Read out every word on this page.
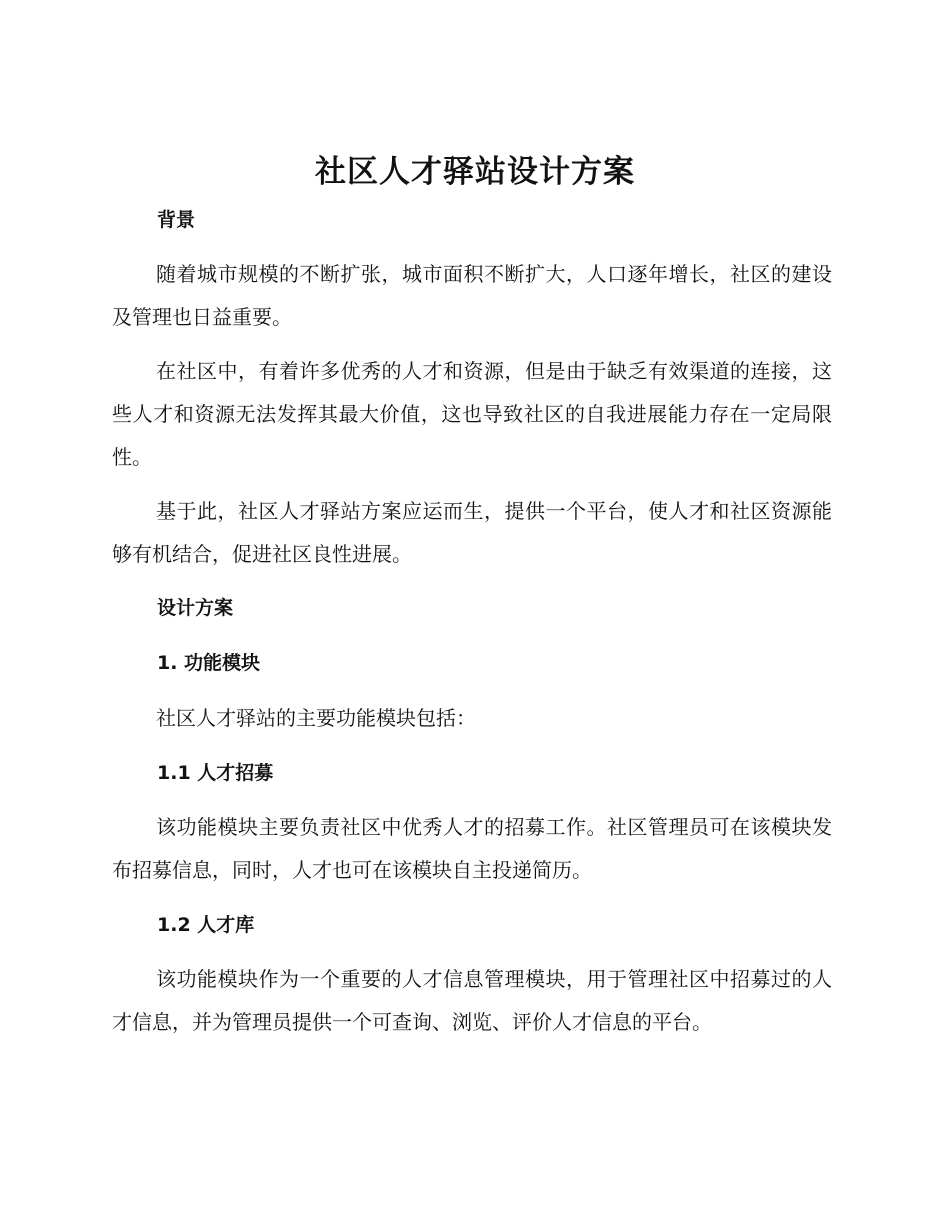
社区人才驿站设计方案
背景

随着城市规模的不断扩张，城市面积不断扩大，人口逐年增长，社区的建设及管理也日益重要。

在社区中，有着许多优秀的人才和资源，但是由于缺乏有效渠道的连接，这些人才和资源无法发挥其最大价值，这也导致社区的自我进展能力存在一定局限性。

基于此，社区人才驿站方案应运而生，提供一个平台，使人才和社区资源能够有机结合，促进社区良性进展。

设计方案
1. 功能模块

社区人才驿站的主要功能模块包括：

1.1 人才招募

该功能模块主要负责社区中优秀人才的招募工作。社区管理员可在该模块发布招募信息，同时，人才也可在该模块自主投递简历。

1.2 人才库

该功能模块作为一个重要的人才信息管理模块，用于管理社区中招募过的人才信息，并为管理员提供一个可查询、浏览、评价人才信息的平台。
